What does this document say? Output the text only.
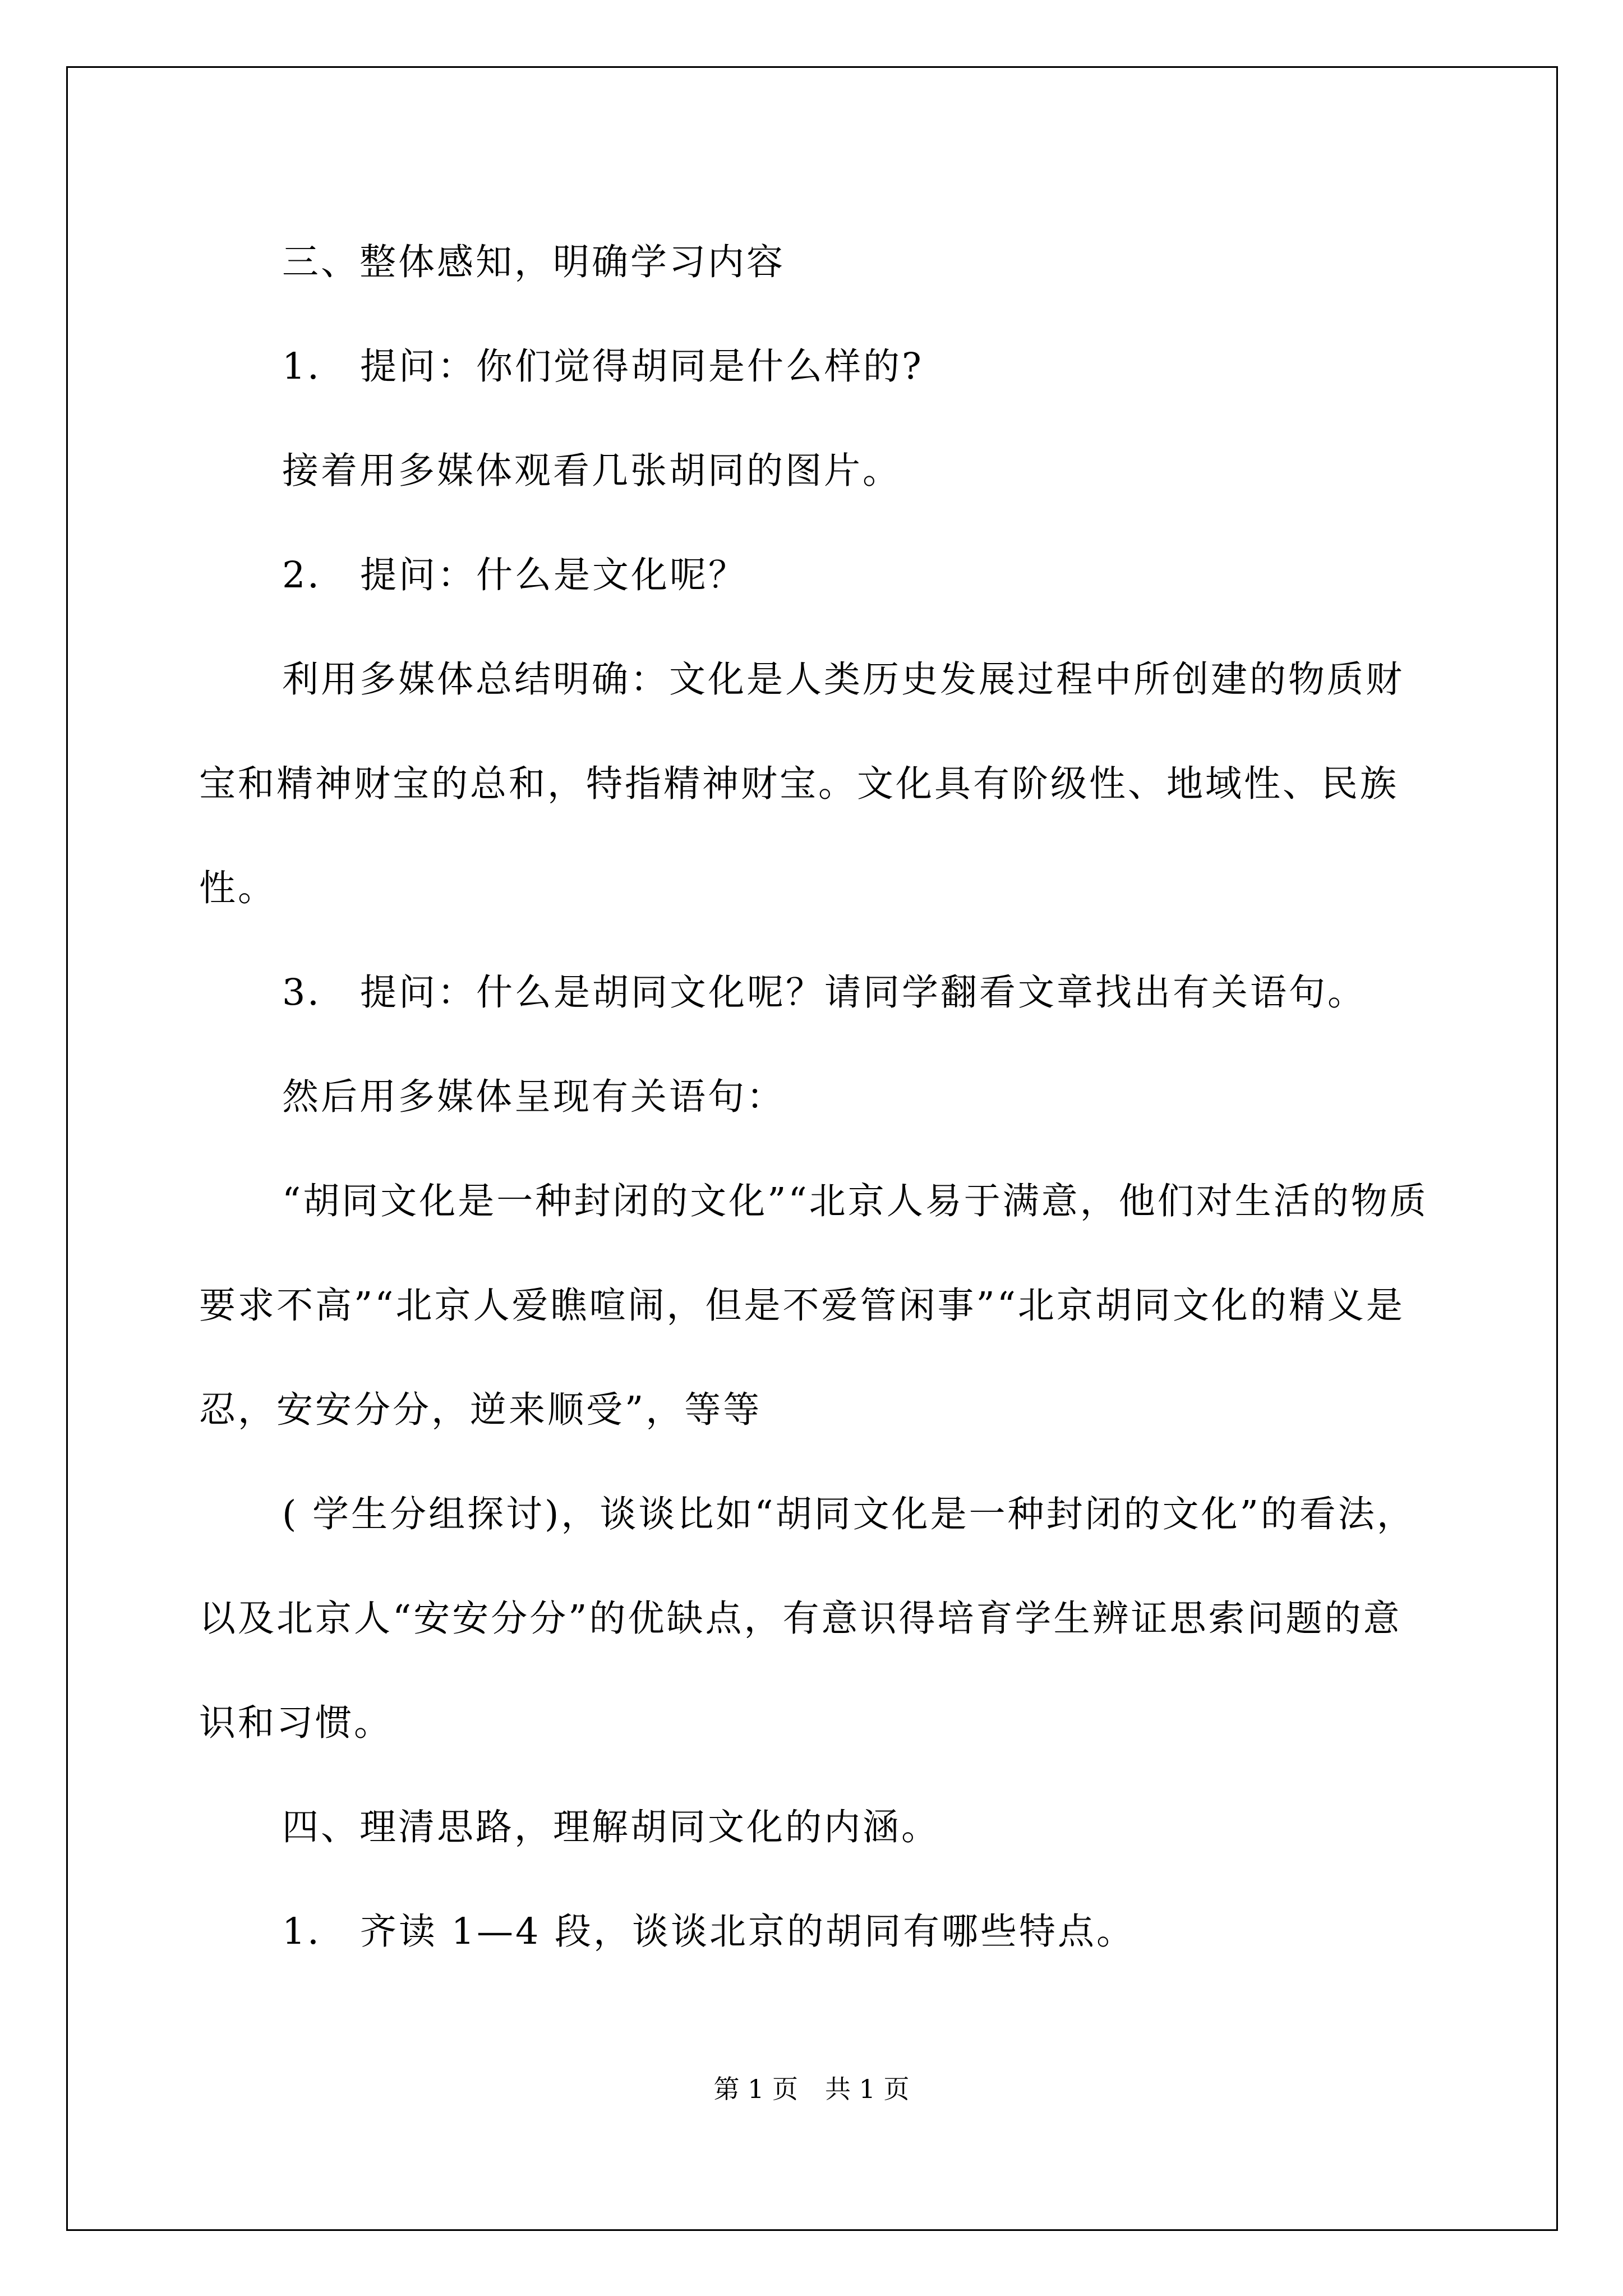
三、整体感知，明确学习内容

1． 提问：你们觉得胡同是什么样的?

接着用多媒体观看几张胡同的图片。

2． 提问：什么是文化呢？

利用多媒体总结明确：文化是人类历史发展过程中所创建的物质财宝和精神财宝的总和，特指精神财宝。文化具有阶级性、地域性、民族性。

3． 提问：什么是胡同文化呢？请同学翻看文章找出有关语句。

然后用多媒体呈现有关语句：

“胡同文化是一种封闭的文化”“北京人易于满意，他们对生活的物质要求不高”“北京人爱瞧喧闹，但是不爱管闲事”“北京胡同文化的精义是忍，安安分分，逆来顺受”，等等

( 学生分组探讨)，谈谈比如“胡同文化是一种封闭的文化”的看法，以及北京人“安安分分”的优缺点，有意识得培育学生辨证思索问题的意识和习惯。

四、理清思路，理解胡同文化的内涵。

1． 齐读 1—4 段，谈谈北京的胡同有哪些特点。

第 1 页 共 1 页
